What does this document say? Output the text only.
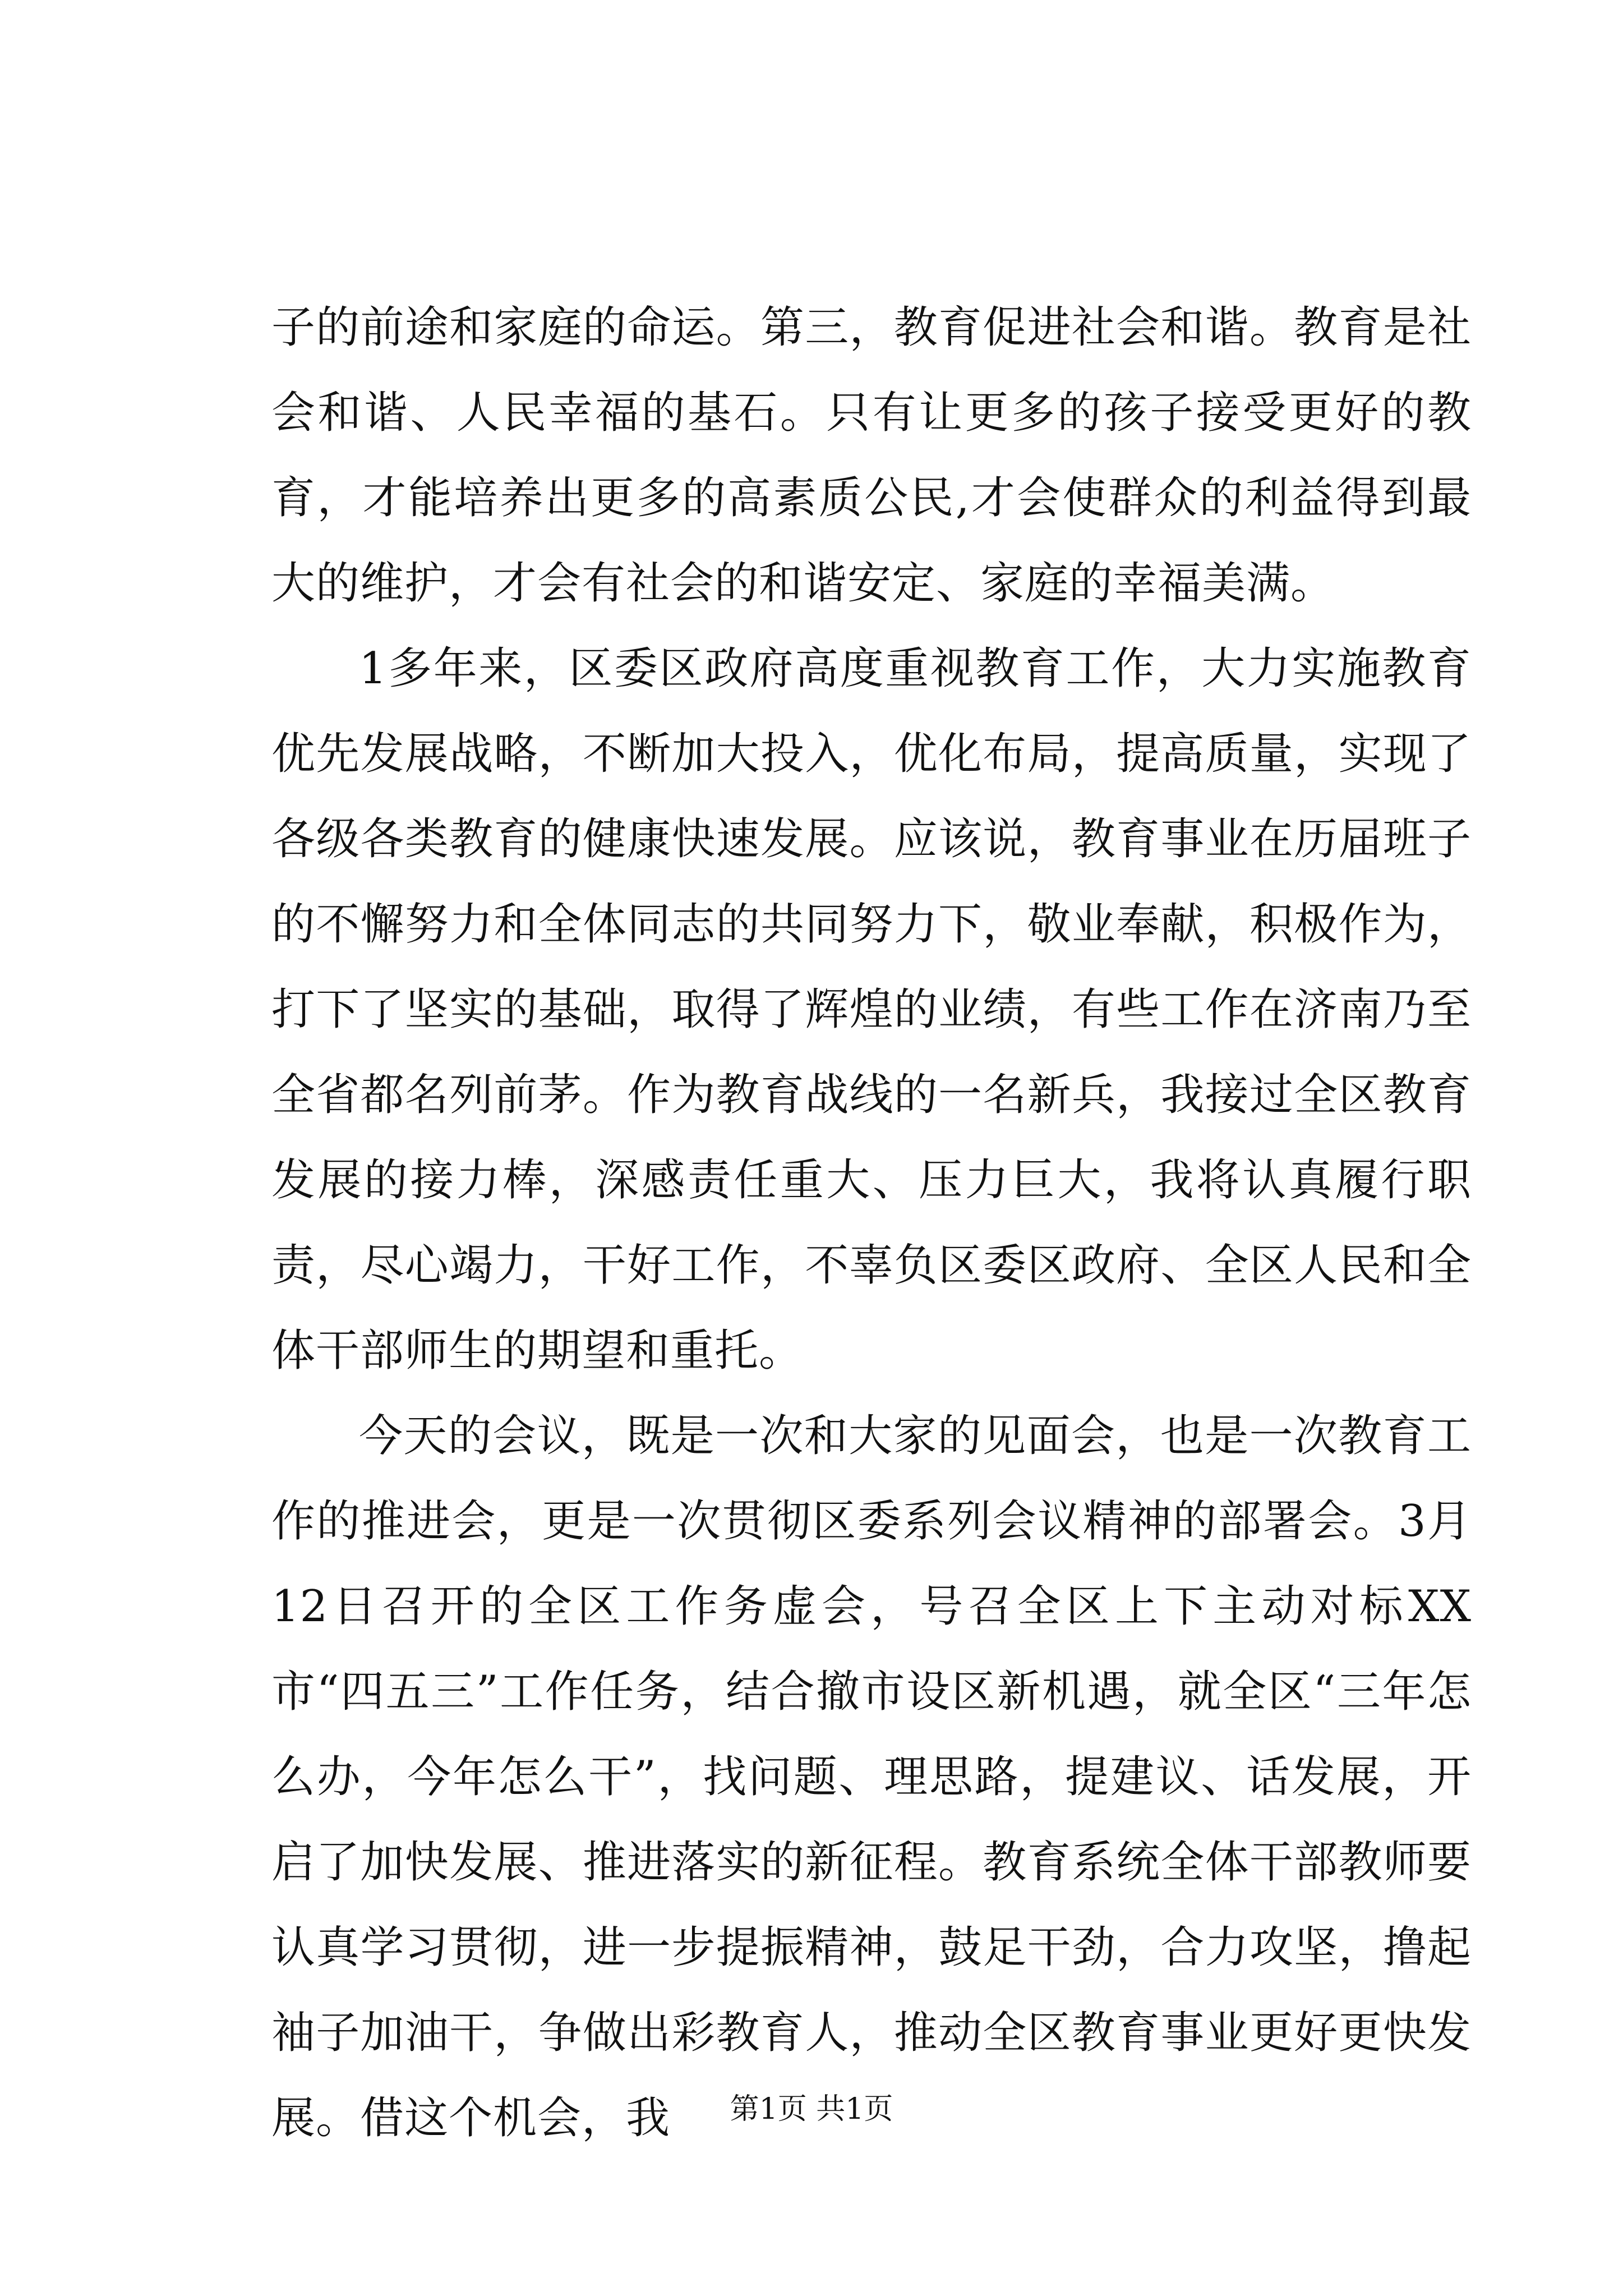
子的前途和家庭的命运。第三，教育促进社会和谐。教育是社会和谐、人民幸福的基石。只有让更多的孩子接受更好的教育，才能培养出更多的高素质公民,才会使群众的利益得到最大的维护，才会有社会的和谐安定、家庭的幸福美满。

1多年来，区委区政府高度重视教育工作，大力实施教育优先发展战略，不断加大投入，优化布局，提高质量，实现了各级各类教育的健康快速发展。应该说，教育事业在历届班子的不懈努力和全体同志的共同努力下，敬业奉献，积极作为，打下了坚实的基础，取得了辉煌的业绩，有些工作在济南乃至全省都名列前茅。作为教育战线的一名新兵，我接过全区教育发展的接力棒，深感责任重大、压力巨大，我将认真履行职责，尽心竭力，干好工作，不辜负区委区政府、全区人民和全体干部师生的期望和重托。

今天的会议，既是一次和大家的见面会，也是一次教育工作的推进会，更是一次贯彻区委系列会议精神的部署会。3月12日召开的全区工作务虚会，号召全区上下主动对标XX市“四五三”工作任务，结合撤市设区新机遇，就全区“三年怎么办，今年怎么干”，找问题、理思路，提建议、话发展，开启了加快发展、推进落实的新征程。教育系统全体干部教师要认真学习贯彻，进一步提振精神，鼓足干劲，合力攻坚，撸起袖子加油干，争做出彩教育人，推动全区教育事业更好更快发展。借这个机会，我	第1页 共1页
